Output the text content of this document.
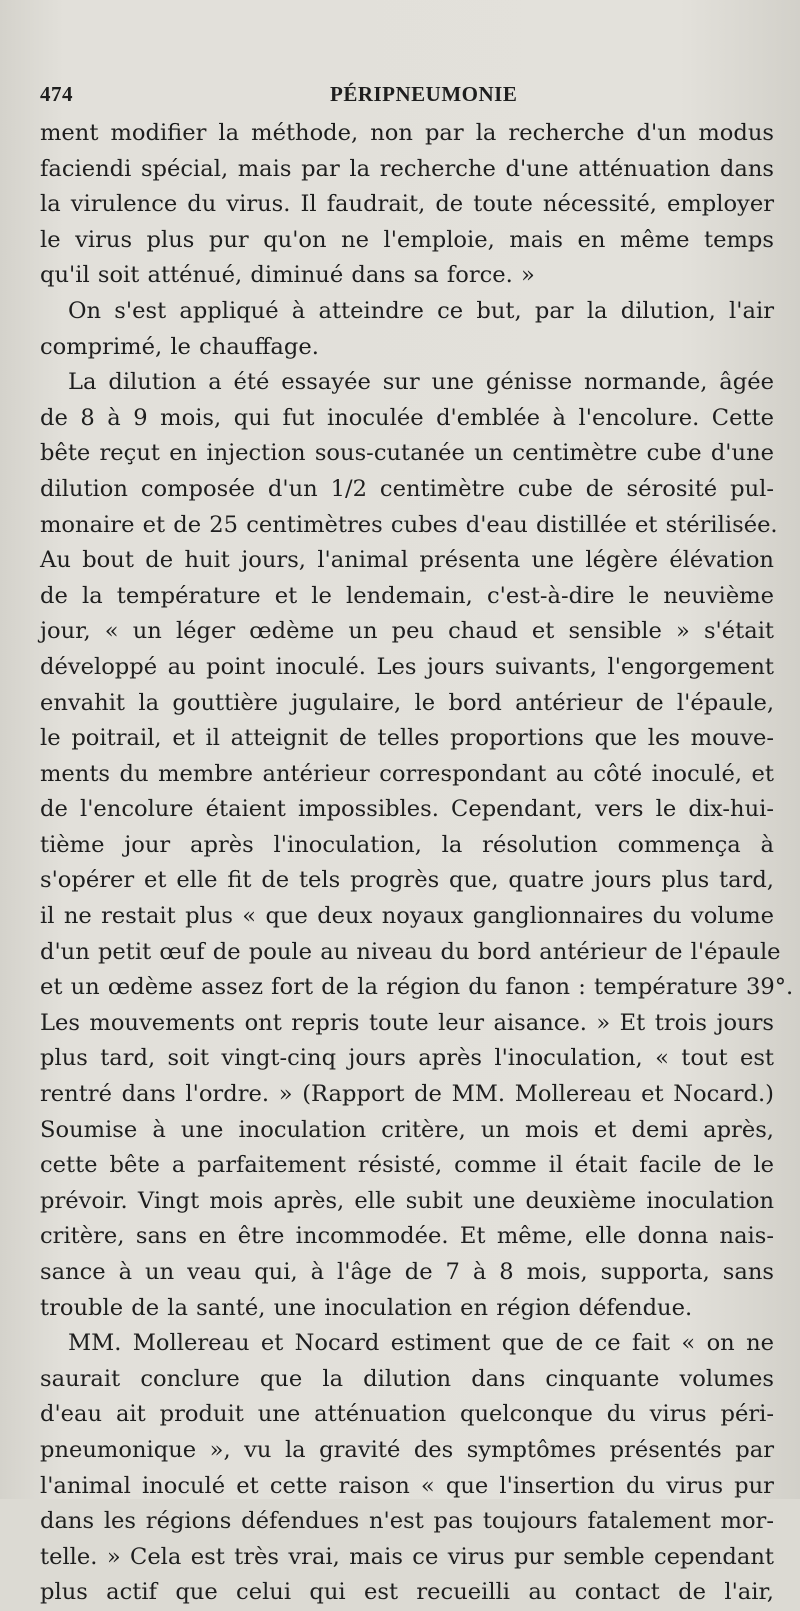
474	PÉRIPNEUMONIE
ment modifier la méthode, non par la recherche d'un modus
faciendi spécial, mais par la recherche d'une atténuation dans
la virulence du virus. Il faudrait, de toute nécessité, employer
le virus plus pur qu'on ne l'emploie, mais en même temps
qu'il soit atténué, diminué dans sa force. »
On s'est appliqué à atteindre ce but, par la dilution, l'air
comprimé, le chauffage.
La dilution a été essayée sur une génisse normande, âgée
de 8 à 9 mois, qui fut inoculée d'emblée à l'encolure. Cette
bête reçut en injection sous-cutanée un centimètre cube d'une
dilution composée d'un 1/2 centimètre cube de sérosité pul-
monaire et de 25 centimètres cubes d'eau distillée et stérilisée.
Au bout de huit jours, l'animal présenta une légère élévation
de la température et le lendemain, c'est-à-dire le neuvième
jour, « un léger œdème un peu chaud et sensible » s'était
développé au point inoculé. Les jours suivants, l'engorgement
envahit la gouttière jugulaire, le bord antérieur de l'épaule,
le poitrail, et il atteignit de telles proportions que les mouve-
ments du membre antérieur correspondant au côté inoculé, et
de l'encolure étaient impossibles. Cependant, vers le dix-hui-
tième jour après l'inoculation, la résolution commença à
s'opérer et elle fit de tels progrès que, quatre jours plus tard,
il ne restait plus « que deux noyaux ganglionnaires du volume
d'un petit œuf de poule au niveau du bord antérieur de l'épaule
et un œdème assez fort de la région du fanon : température 39°.
Les mouvements ont repris toute leur aisance. » Et trois jours
plus tard, soit vingt-cinq jours après l'inoculation, « tout est
rentré dans l'ordre. » (Rapport de MM. Mollereau et Nocard.)
Soumise à une inoculation critère, un mois et demi après,
cette bête a parfaitement résisté, comme il était facile de le
prévoir. Vingt mois après, elle subit une deuxième inoculation
critère, sans en être incommodée. Et même, elle donna nais-
sance à un veau qui, à l'âge de 7 à 8 mois, supporta, sans
trouble de la santé, une inoculation en région défendue.
MM. Mollereau et Nocard estiment que de ce fait « on ne
saurait conclure que la dilution dans cinquante volumes
d'eau ait produit une atténuation quelconque du virus péri-
pneumonique », vu la gravité des symptômes présentés par
l'animal inoculé et cette raison « que l'insertion du virus pur
dans les régions défendues n'est pas toujours fatalement mor-
telle. » Cela est très vrai, mais ce virus pur semble cependant
plus actif que celui qui est recueilli au contact de l'air,
